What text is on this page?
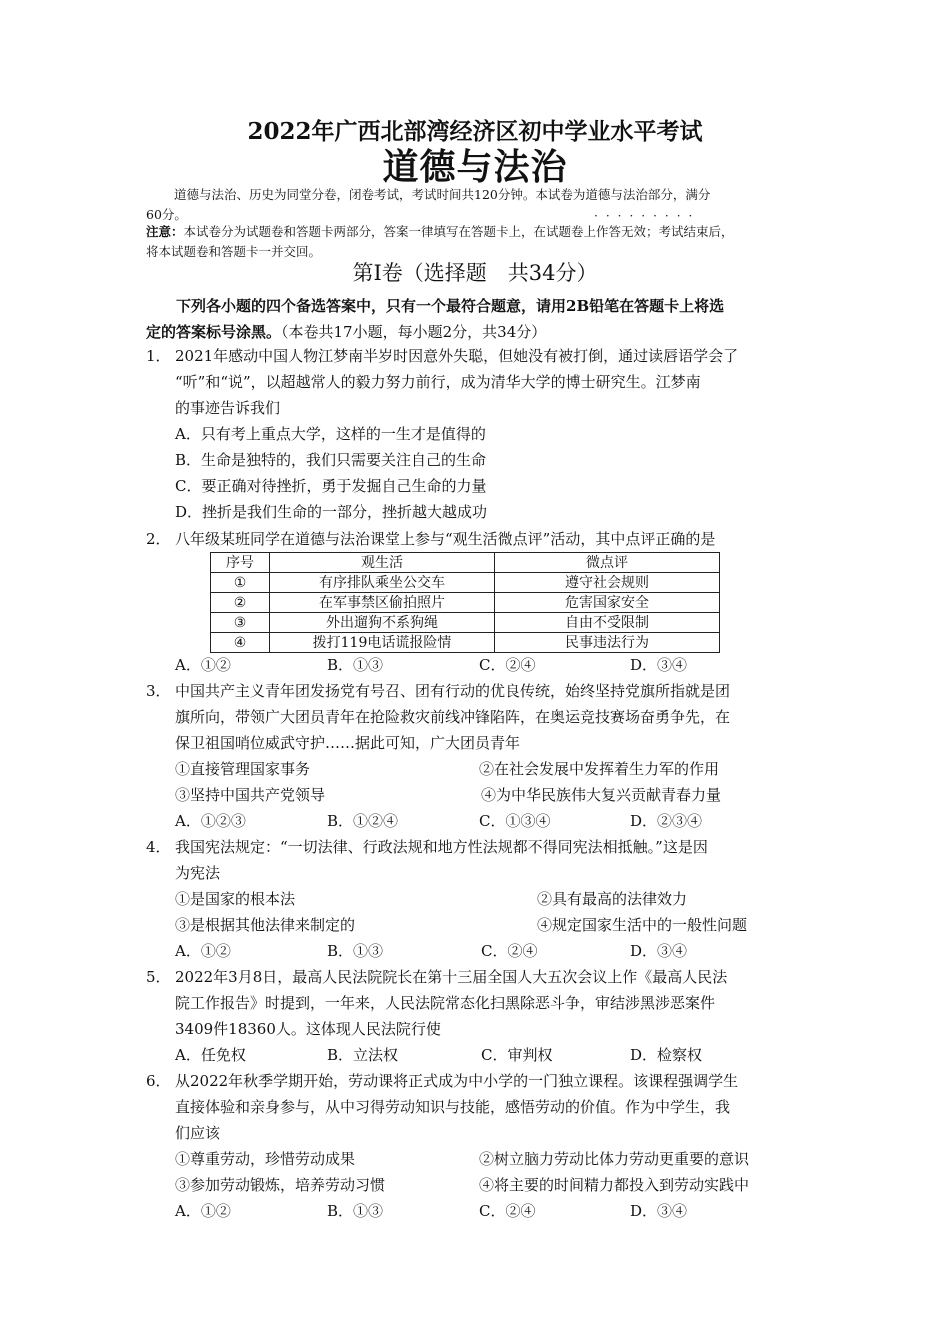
2022年广西北部湾经济区初中学业水平考试
道德与法治
道德与法治、历史为同堂分卷，闭卷考试，考试时间共120分钟。本试卷为道德与法治部分，满分
60分。	·········
注意：本试卷分为试题卷和答题卡两部分，答案一律填写在答题卡上，在试题卷上作答无效；考试结束后，
将本试题卷和答题卡一并交回。
第Ⅰ卷（选择题　共34分）
下列各小题的四个备选答案中，只有一个最符合题意，请用2B铅笔在答题卡上将选
定的答案标号涂黑。（本卷共17小题，每小题2分，共34分）
1． 2021年感动中国人物江梦南半岁时因意外失聪，但她没有被打倒，通过读唇语学会了
“听”和“说”，以超越常人的毅力努力前行，成为清华大学的博士研究生。江梦南
的事迹告诉我们
A．只有考上重点大学，这样的一生才是值得的
B．生命是独特的，我们只需要关注自己的生命
C．要正确对待挫折，勇于发掘自己生命的力量
D．挫折是我们生命的一部分，挫折越大越成功
2． 八年级某班同学在道德与法治课堂上参与“观生活微点评”活动，其中点评正确的是
序号	观生活	微点评
①	有序排队乘坐公交车	遵守社会规则
②	在军事禁区偷拍照片	危害国家安全
③	外出遛狗不系狗绳	自由不受限制
④	拨打119电话谎报险情	民事违法行为
A．①②	B．①③	C．②④	D．③④
3． 中国共产主义青年团发扬党有号召、团有行动的优良传统，始终坚持党旗所指就是团
旗所向，带领广大团员青年在抢险救灾前线冲锋陷阵，在奥运竞技赛场奋勇争先，在
保卫祖国哨位威武守护……据此可知，广大团员青年
①直接管理国家事务	②在社会发展中发挥着生力军的作用
③坚持中国共产党领导	④为中华民族伟大复兴贡献青春力量
A．①②③	B．①②④	C．①③④	D．②③④
4． 我国宪法规定：“一切法律、行政法规和地方性法规都不得同宪法相抵触。”这是因
为宪法
①是国家的根本法	②具有最高的法律效力
③是根据其他法律来制定的	④规定国家生活中的一般性问题
A．①②	B．①③	C．②④	D．③④
5． 2022年3月8日，最高人民法院院长在第十三届全国人大五次会议上作《最高人民法
院工作报告》时提到，一年来，人民法院常态化扫黑除恶斗争，审结涉黑涉恶案件
3409件18360人。这体现人民法院行使
A．任免权	B．立法权	C．审判权	D．检察权
6． 从2022年秋季学期开始，劳动课将正式成为中小学的一门独立课程。该课程强调学生
直接体验和亲身参与，从中习得劳动知识与技能，感悟劳动的价值。作为中学生，我
们应该
①尊重劳动，珍惜劳动成果	②树立脑力劳动比体力劳动更重要的意识
③参加劳动锻炼，培养劳动习惯	④将主要的时间精力都投入到劳动实践中
A．①②	B．①③	C．②④	D．③④
